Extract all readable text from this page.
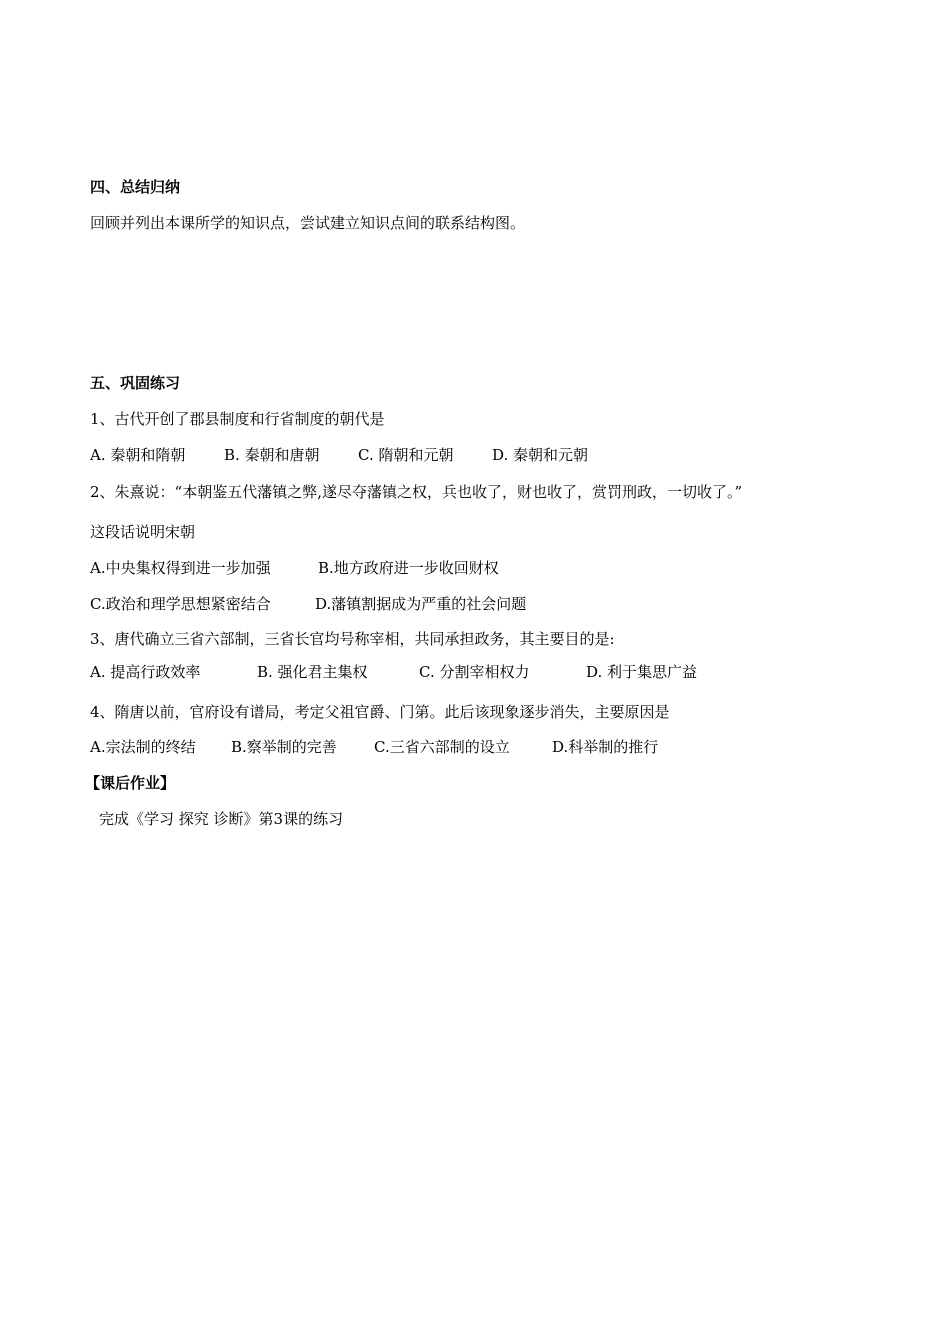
四、总结归纳
回顾并列出本课所学的知识点，尝试建立知识点间的联系结构图。
五、巩固练习
1、古代开创了郡县制度和行省制度的朝代是
A. 秦朝和隋朝	B. 秦朝和唐朝	C. 隋朝和元朝	D. 秦朝和元朝
2、朱熹说：“本朝鉴五代藩镇之弊,遂尽夺藩镇之权，兵也收了，财也收了，赏罚刑政，一切收了。”
这段话说明宋朝
A.中央集权得到进一步加强	B.地方政府进一步收回财权
C.政治和理学思想紧密结合	D.藩镇割据成为严重的社会问题
3、唐代确立三省六部制，三省长官均号称宰相，共同承担政务，其主要目的是:
A. 提高行政效率	B. 强化君主集权	C. 分割宰相权力	D. 利于集思广益
4、隋唐以前，官府设有谱局，考定父祖官爵、门第。此后该现象逐步消失，主要原因是
A.宗法制的终结 B.察举制的完善 C.三省六部制的设立	D.科举制的推行
【课后作业】
完成《学习 探究 诊断》第3课的练习
